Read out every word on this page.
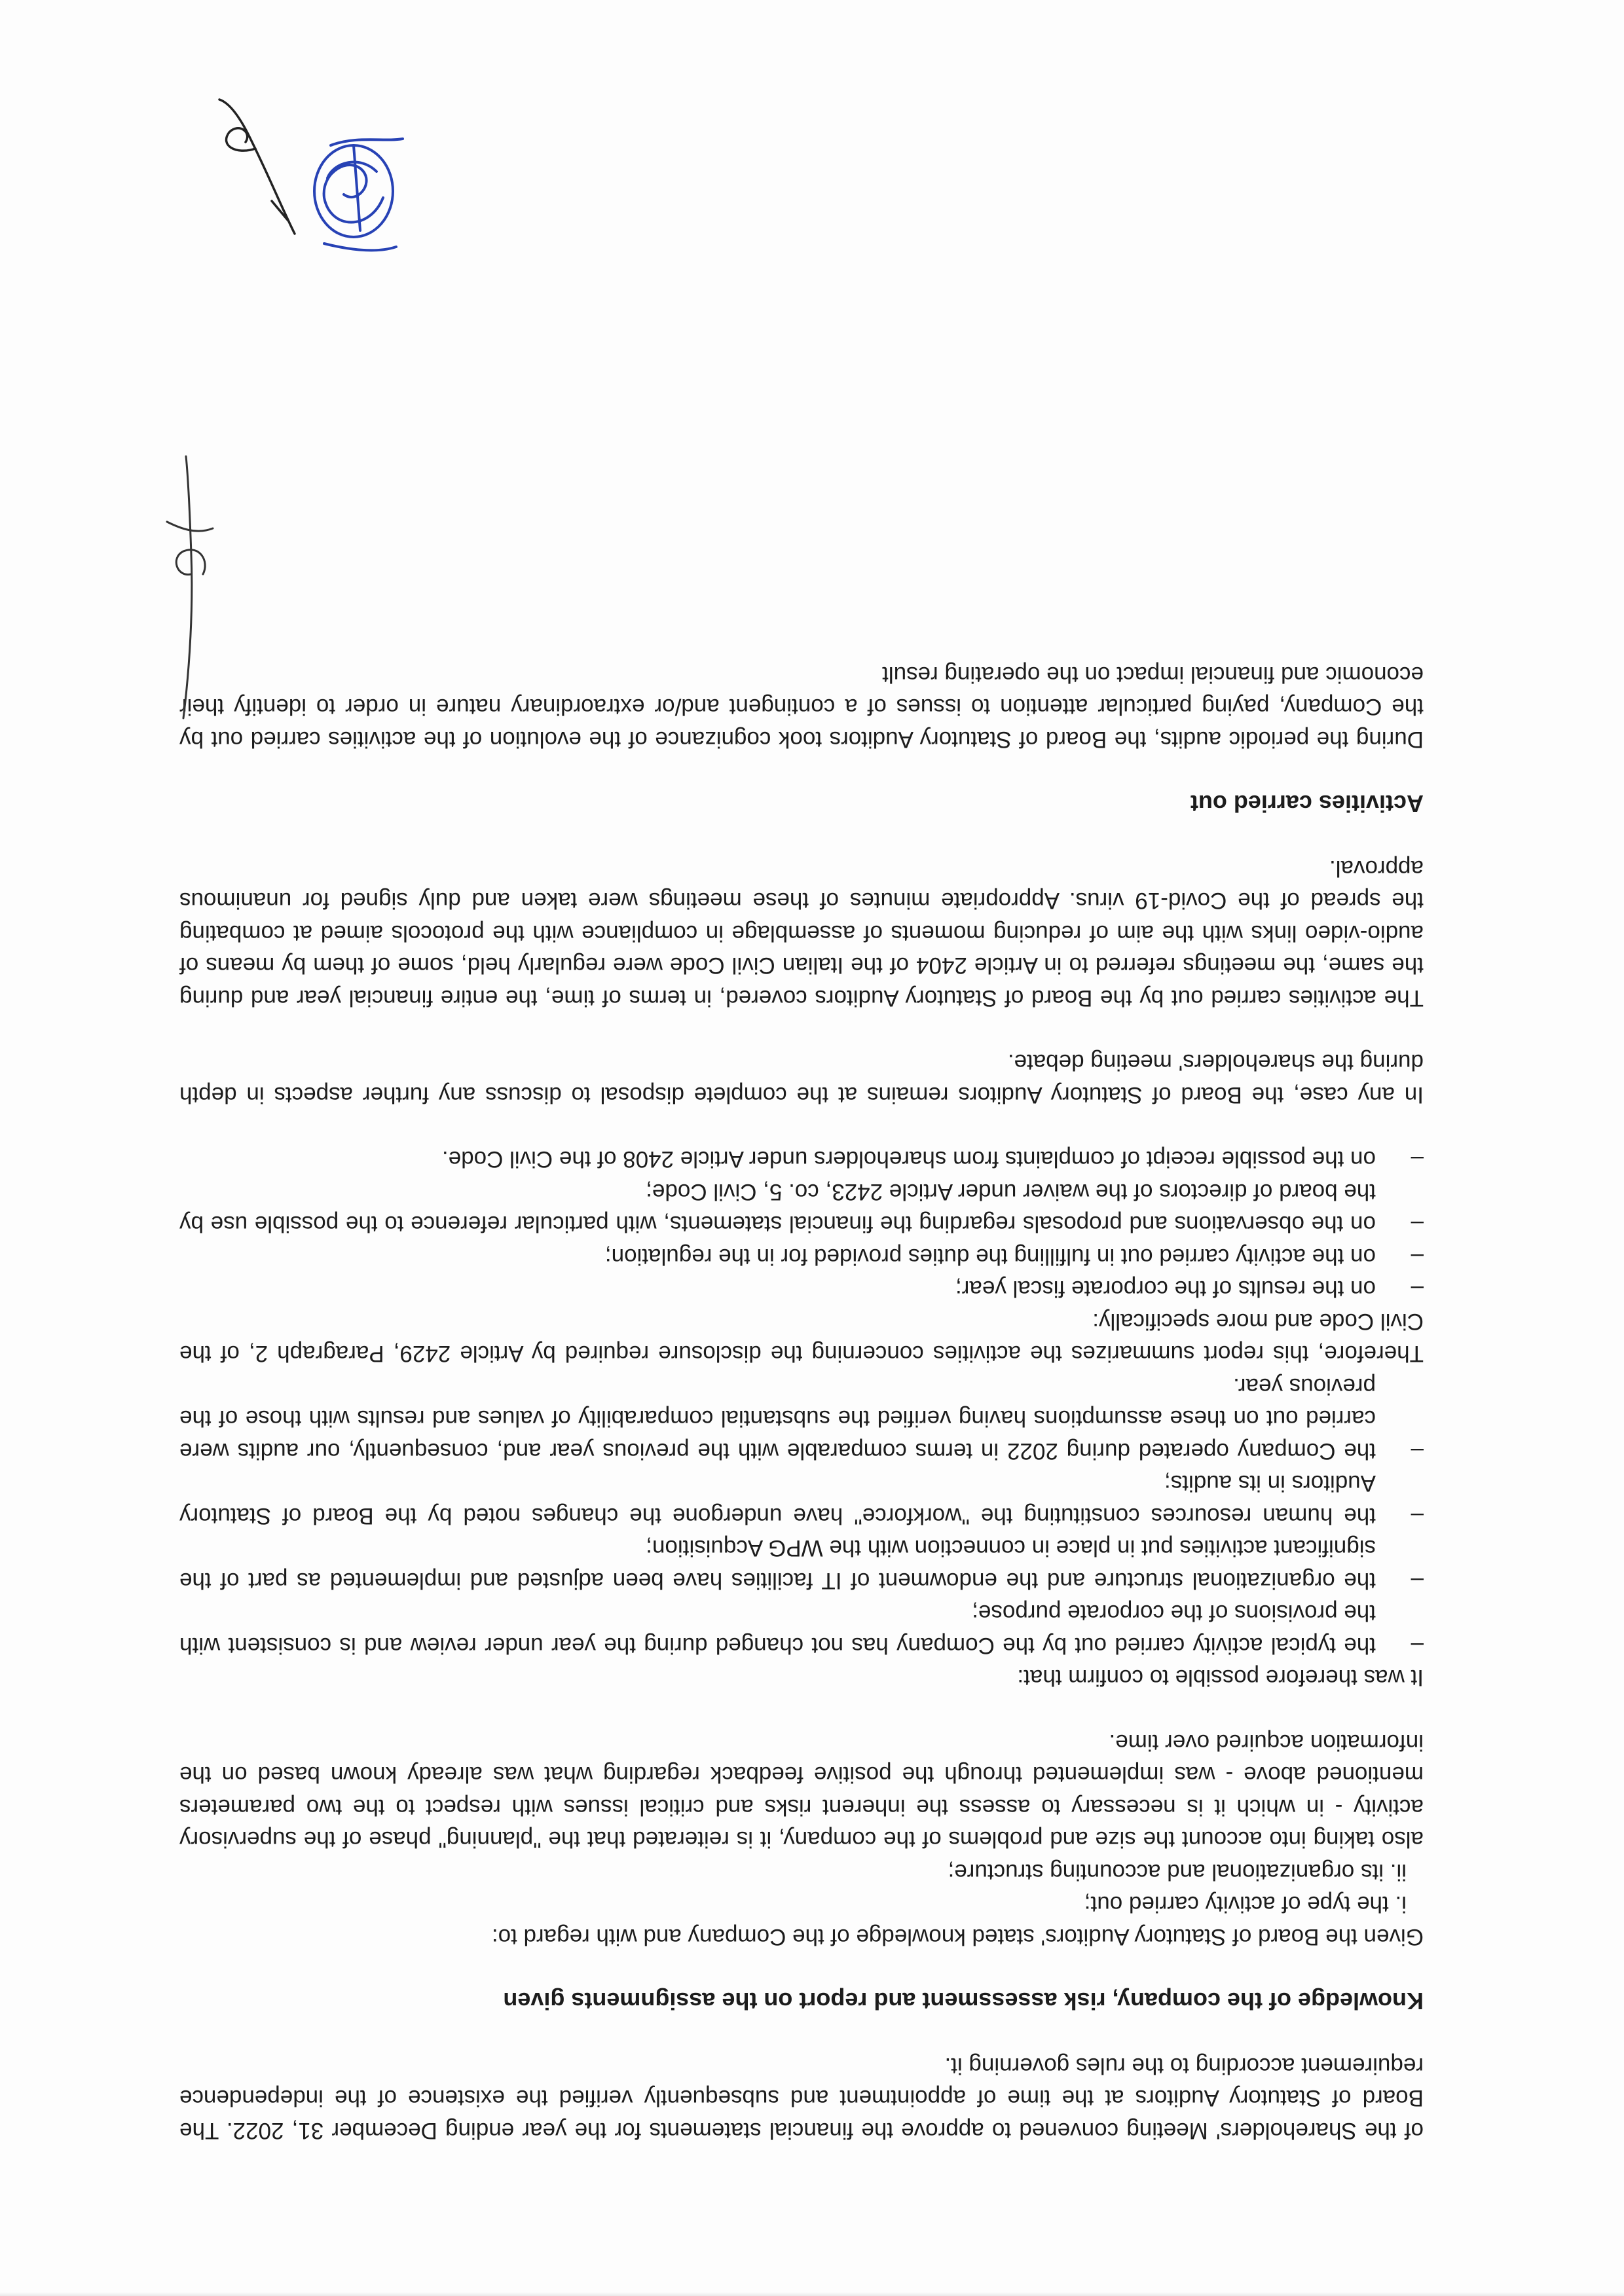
of the Shareholders' Meeting convened to approve the financial statements for the year ending December 31, 2022. The Board of Statutory Auditors at the time of appointment and subsequently verified the existence of the independence requirement according to the rules governing it.

Knowledge of the company, risk assessment and report on the assignments given

Given the Board of Statutory Auditors' stated knowledge of the Company and with regard to:

i. the type of activity carried out;
ii. its organizational and accounting structure;

also taking into account the size and problems of the company, it is reiterated that the "planning" phase of the supervisory activity - in which it is necessary to assess the inherent risks and critical issues with respect to the two parameters mentioned above - was implemented through the positive feedback regarding what was already known based on the information acquired over time.

It was therefore possible to confirm that:

–
the typical activity carried out by the Company has not changed during the year under review and is consistent with the provisions of the corporate purpose;
–
the organizational structure and the endowment of IT facilities have been adjusted and implemented as part of the significant activities put in place in connection with the WPG Acquisition;
–
the human resources constituting the "workforce" have undergone the changes noted by the Board of Statutory Auditors in its audits;
–
the Company operated during 2022 in terms comparable with the previous year and, consequently, our audits were carried out on these assumptions having verified the substantial comparability of values and results with those of the previous year.

Therefore, this report summarizes the activities concerning the disclosure required by Article 2429, Paragraph 2, of the Civil Code and more specifically:

–
on the results of the corporate fiscal year;
–
on the activity carried out in fulfilling the duties provided for in the regulation;
–
on the observations and proposals regarding the financial statements, with particular reference to the possible use by the board of directors of the waiver under Article 2423, co. 5, Civil Code;
–
on the possible receipt of complaints from shareholders under Article 2408 of the Civil Code.

In any case, the Board of Statutory Auditors remains at the complete disposal to discuss any further aspects in depth during the shareholders' meeting debate.

The activities carried out by the Board of Statutory Auditors covered, in terms of time, the entire financial year and during the same, the meetings referred to in Article 2404 of the Italian Civil Code were regularly held, some of them by means of audio-video links with the aim of reducing moments of assemblage in compliance with the protocols aimed at combating the spread of the Covid-19 virus. Appropriate minutes of these meetings were taken and duly signed for unanimous approval.

Activities carried out

During the periodic audits, the Board of Statutory Auditors took cognizance of the evolution of the activities carried out by the Company, paying particular attention to issues of a contingent and/or extraordinary nature in order to identify their economic and financial impact on the operating result
